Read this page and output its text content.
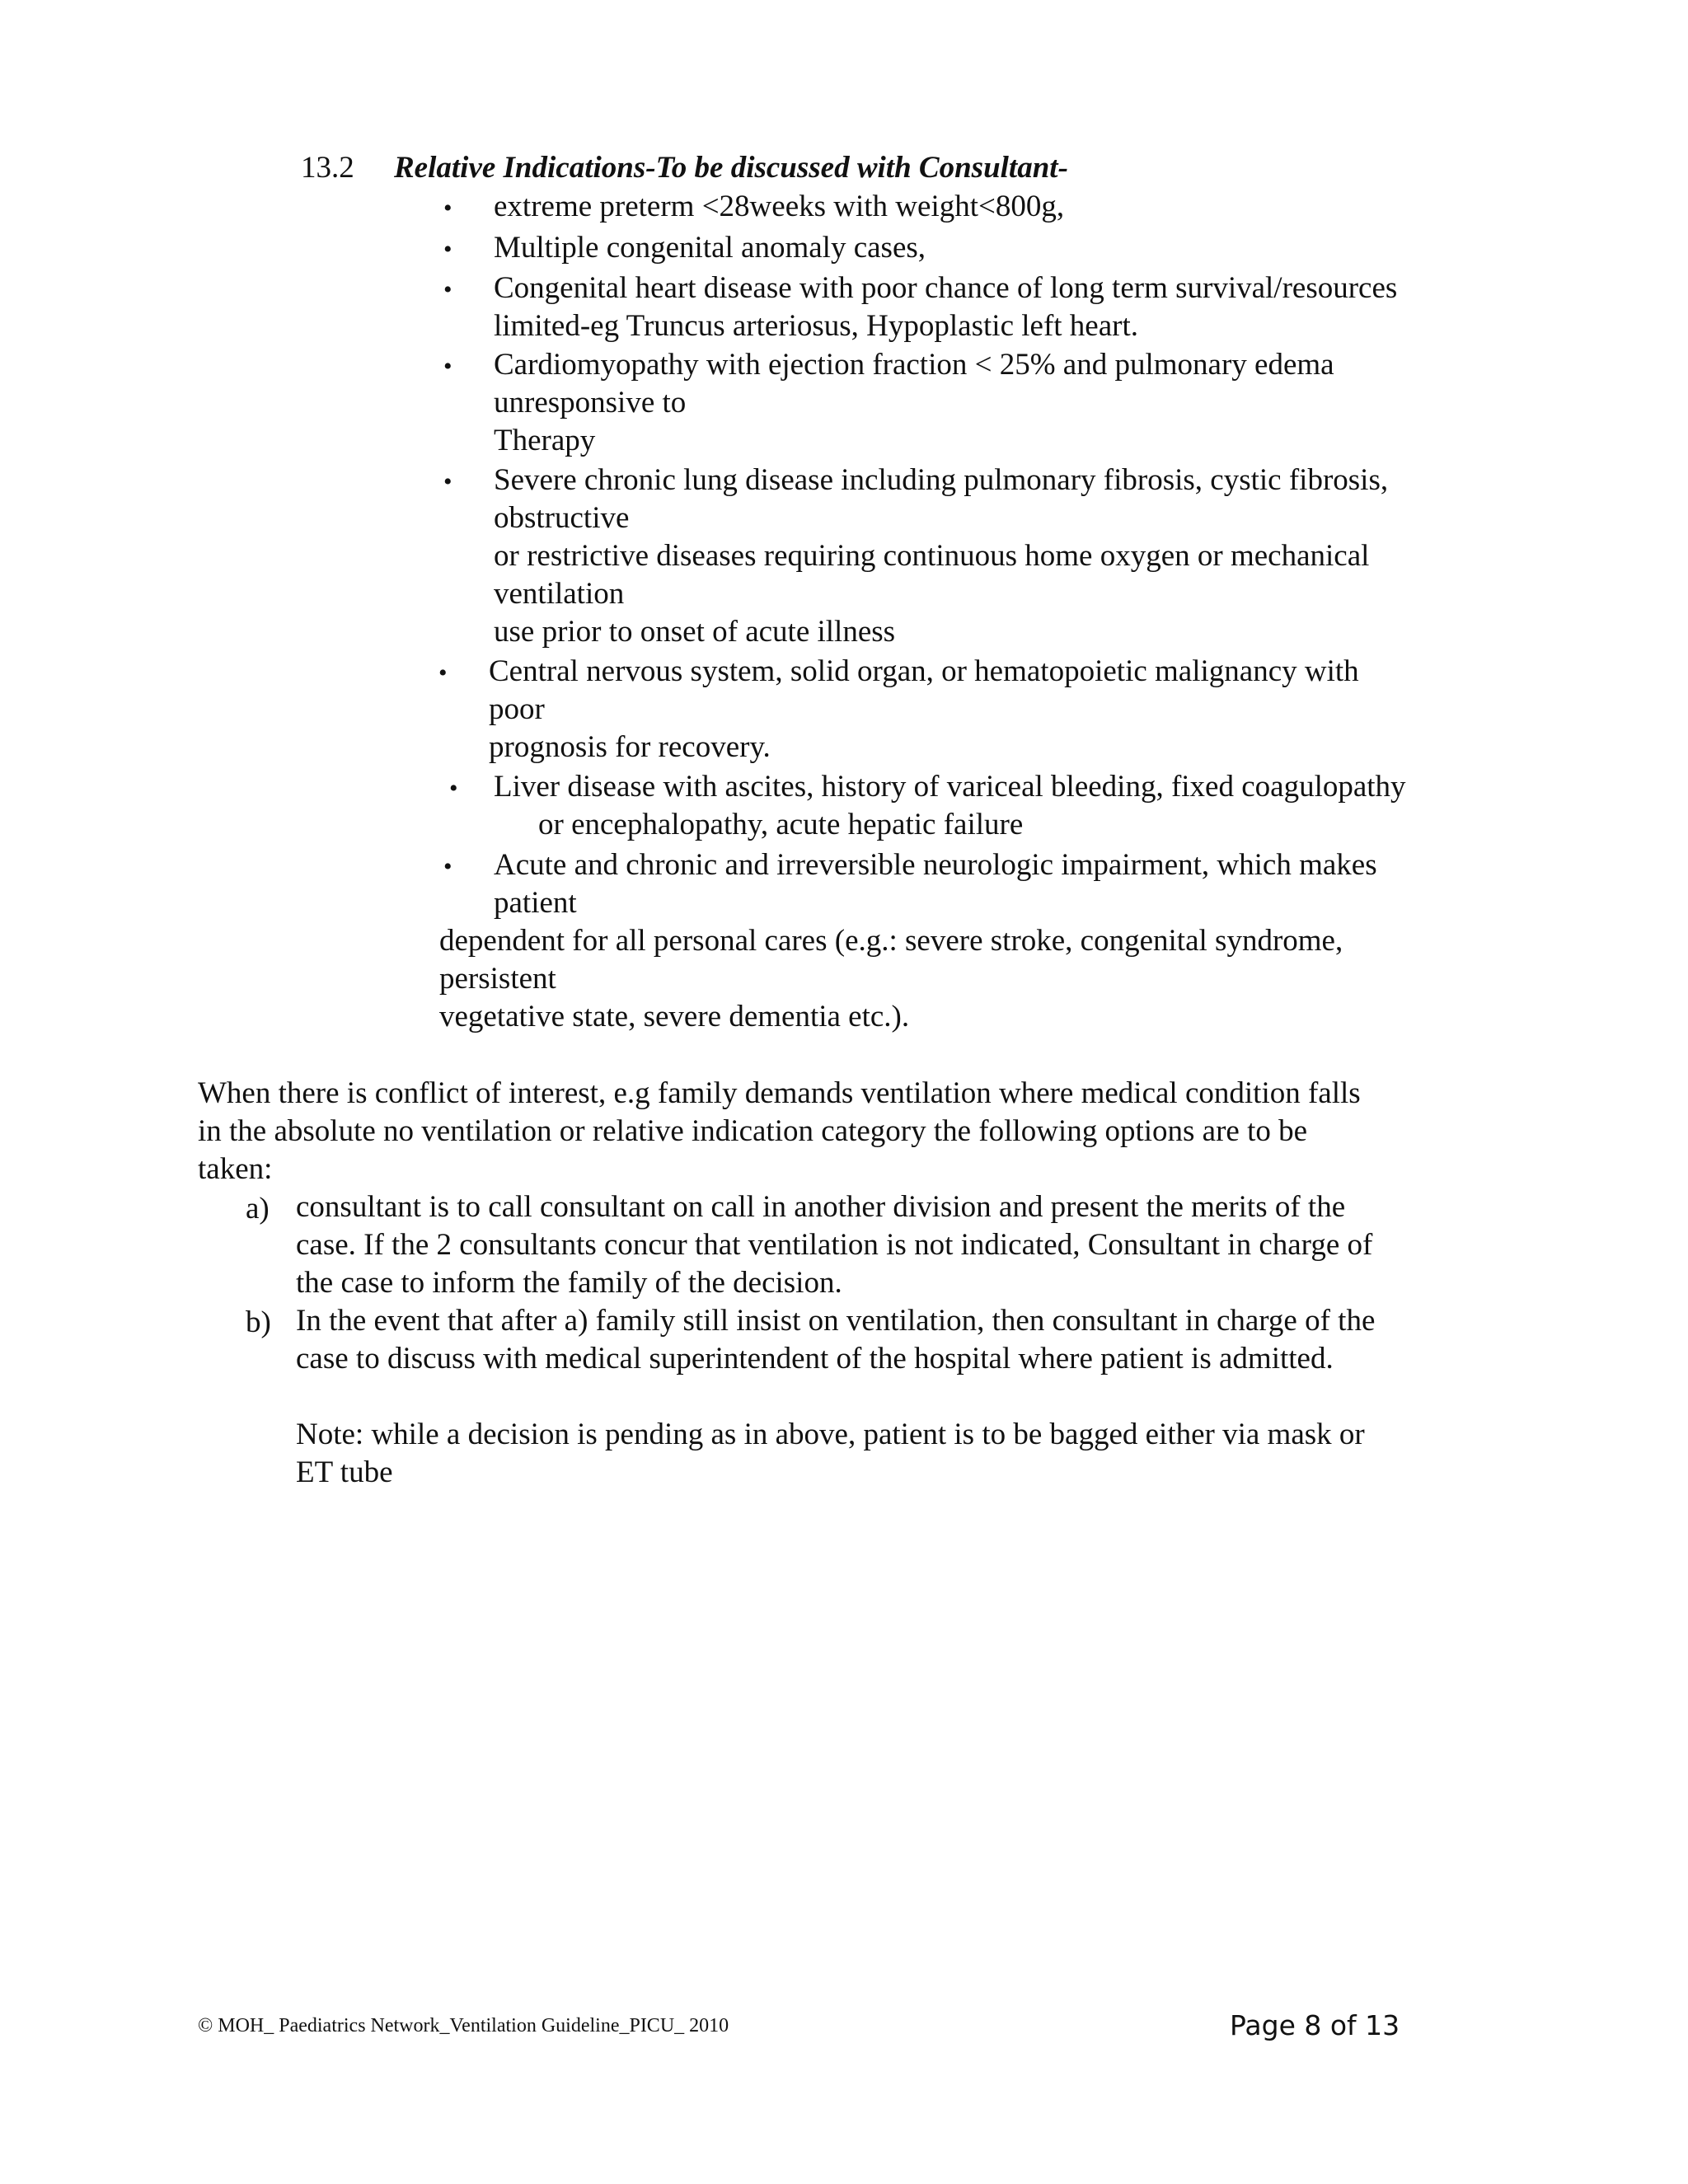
13.2 Relative Indications-To be discussed with Consultant-
• extreme preterm <28weeks with weight<800g,
• Multiple congenital anomaly cases,
• Congenital heart disease with poor chance of long term survival/resources
limited-eg Truncus arteriosus, Hypoplastic left heart.
• Cardiomyopathy with ejection fraction < 25% and pulmonary edema
unresponsive to
Therapy
• Severe chronic lung disease including pulmonary fibrosis, cystic fibrosis,
obstructive
or restrictive diseases requiring continuous home oxygen or mechanical
ventilation
use prior to onset of acute illness
• Central nervous system, solid organ, or hematopoietic malignancy with
poor
prognosis for recovery.
• Liver disease with ascites, history of variceal bleeding, fixed coagulopathy
or encephalopathy, acute hepatic failure
• Acute and chronic and irreversible neurologic impairment, which makes
patient
dependent for all personal cares (e.g.: severe stroke, congenital syndrome,
persistent
vegetative state, severe dementia etc.).
When there is conflict of interest, e.g family demands ventilation where medical condition falls
in the absolute no ventilation or relative indication category the following options are to be
taken:
a) consultant is to call consultant on call in another division and present the merits of the
case. If the 2 consultants concur that ventilation is not indicated, Consultant in charge of
the case to inform the family of the decision.
b) In the event that after a) family still insist on ventilation, then consultant in charge of the
case to discuss with medical superintendent of the hospital where patient is admitted.
Note: while a decision is pending as in above, patient is to be bagged either via mask or
ET tube
© MOH_ Paediatrics Network_Ventilation Guideline_PICU_ 2010	Page 8 of 13
